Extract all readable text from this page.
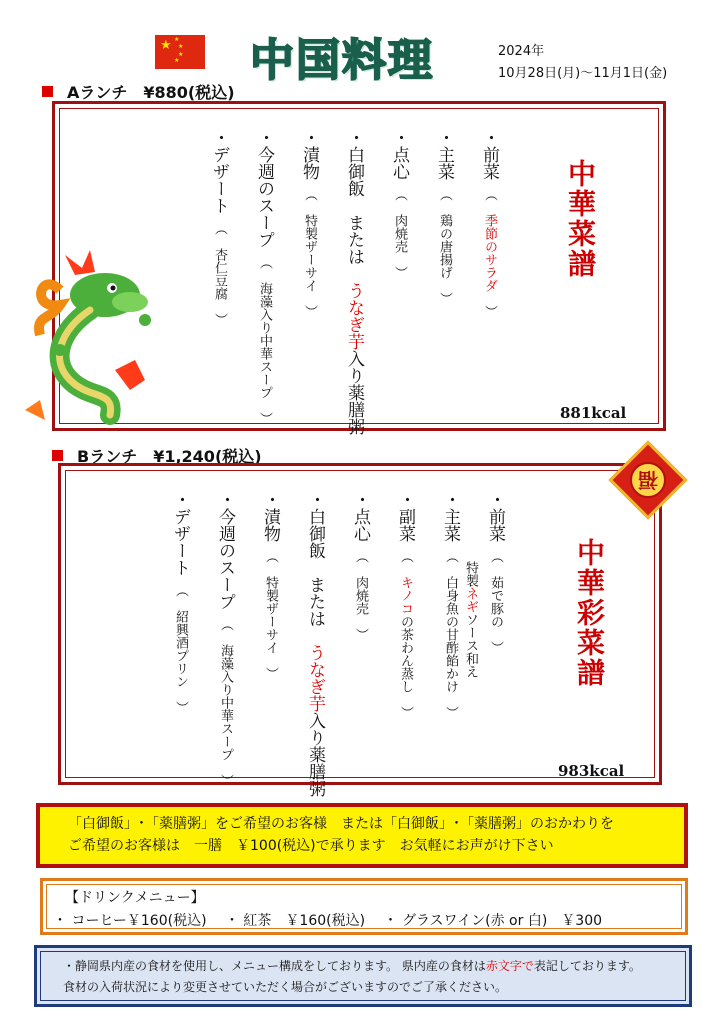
★ ★
★
★
★ 中国料理	2024年
10月28日(月)～11月1日(金)
Aランチ　¥880(税込)
中華菜譜
・前菜（　季節のサラダ　）
・主菜（　鶏の唐揚げ　）
・点心（　肉焼売　）
・白御飯　または　うなぎ芋入り薬膳粥
・漬物（　特製ザーサイ　）
・今週のスープ（　海藻入り中華スープ　）
・デザート（　杏仁豆腐　）
881kcal
Bランチ　¥1,240(税込)
中華彩菜譜
・前菜（　茹で豚の　）
特製ネギソース和え
・主菜（　白身魚の甘酢餡かけ　）
・副菜（　キノコの茶わん蒸し　）
・点心（　肉焼売　）
・白御飯　または　うなぎ芋入り薬膳粥
・漬物（　特製ザーサイ　）
・今週のスープ（　海藻入り中華スープ　）
・デザート（　紹興酒プリン　）
983kcal
福
「白御飯」･「薬膳粥」をご希望のお客様　または「白御飯」･「薬膳粥」のおかわりを
ご希望のお客様は　一膳　￥100(税込)で承ります　お気軽にお声がけ下さい
【ドリンクメニュー】
・ コーヒー￥160(税込)　 ・ 紅茶　￥160(税込)　 ・ グラスワイン(赤 or 白)　￥300
・静岡県内産の食材を使用し、メニュー構成をしております。 県内産の食材は赤文字で表記しております。
食材の入荷状況により変更させていただく場合がございますのでご了承ください。
